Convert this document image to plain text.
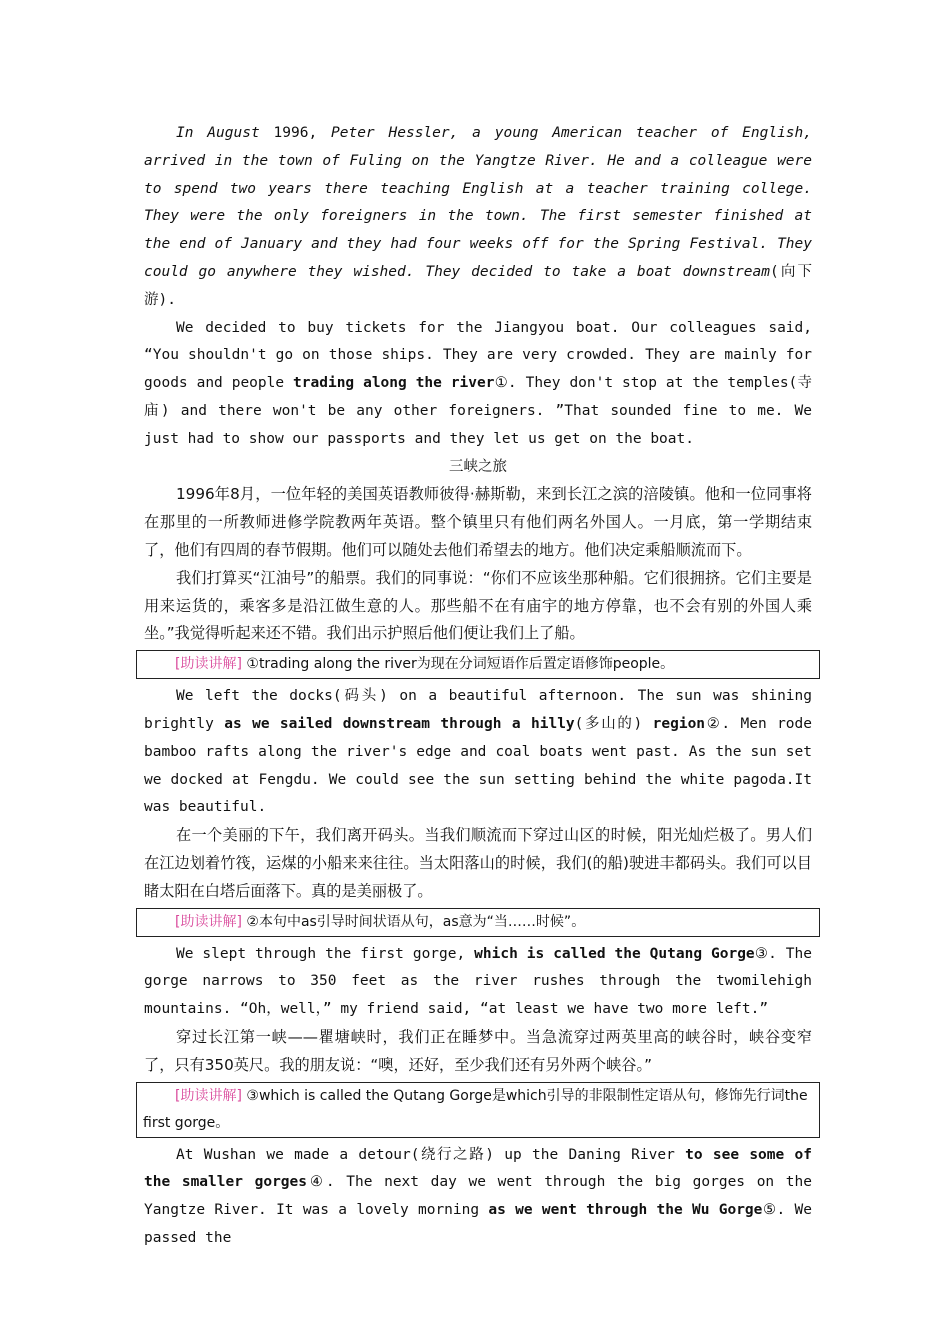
In August 1996, Peter Hessler, a young American teacher of English, arrived in the town of Fuling on the Yangtze River. He and a colleague were to spend two years there teaching English at a teacher training college. They were the only foreigners in the town. The first semester finished at the end of January and they had four weeks off for the Spring Festival. They could go anywhere they wished. They decided to take a boat downstream(向下游).

We decided to buy tickets for the Jiangyou boat. Our colleagues said, “You shouldn't go on those ships. They are very crowded. They are mainly for goods and people trading along the river①. They don't stop at the temples(寺庙) and there won't be any other foreigners. ”That sounded fine to me. We just had to show our passports and they let us get on the boat.

三峡之旅

1996年8月，一位年轻的美国英语教师彼得·赫斯勒，来到长江之滨的涪陵镇。他和一位同事将在那里的一所教师进修学院教两年英语。整个镇里只有他们两名外国人。一月底，第一学期结束了，他们有四周的春节假期。他们可以随处去他们希望去的地方。他们决定乘船顺流而下。

我们打算买“江油号”的船票。我们的同事说：“你们不应该坐那种船。它们很拥挤。它们主要是用来运货的，乘客多是沿江做生意的人。那些船不在有庙宇的地方停靠，也不会有别的外国人乘坐。”我觉得听起来还不错。我们出示护照后他们便让我们上了船。

[助读讲解] ①trading along the river为现在分词短语作后置定语修饰people。

We left the docks(码头) on a beautiful afternoon. The sun was shining brightly as we sailed downstream through a hilly(多山的) region②. Men rode bamboo rafts along the river's edge and coal boats went past. As the sun set we docked at Fengdu. We could see the sun setting behind the white pagoda.It was beautiful.

在一个美丽的下午，我们离开码头。当我们顺流而下穿过山区的时候，阳光灿烂极了。男人们在江边划着竹筏，运煤的小船来来往往。当太阳落山的时候，我们(的船)驶进丰都码头。我们可以目睹太阳在白塔后面落下。真的是美丽极了。

[助读讲解] ②本句中as引导时间状语从句，as意为“当……时候”。

We slept through the first gorge, which is called the Qutang Gorge③. The gorge narrows to 350 feet as the river rushes through the twomilehigh mountains. “Oh，well，” my friend said, “at least we have two more left.”

穿过长江第一峡——瞿塘峡时，我们正在睡梦中。当急流穿过两英里高的峡谷时，峡谷变窄了，只有350英尺。我的朋友说：“噢，还好，至少我们还有另外两个峡谷。”

[助读讲解] ③which is called the Qutang Gorge是which引导的非限制性定语从句，修饰先行词the first gorge。

At Wushan we made a detour(绕行之路) up the Daning River to see some of the smaller gorges④. The next day we went through the big gorges on the Yangtze River. It was a lovely morning as we went through the Wu Gorge⑤. We passed the
